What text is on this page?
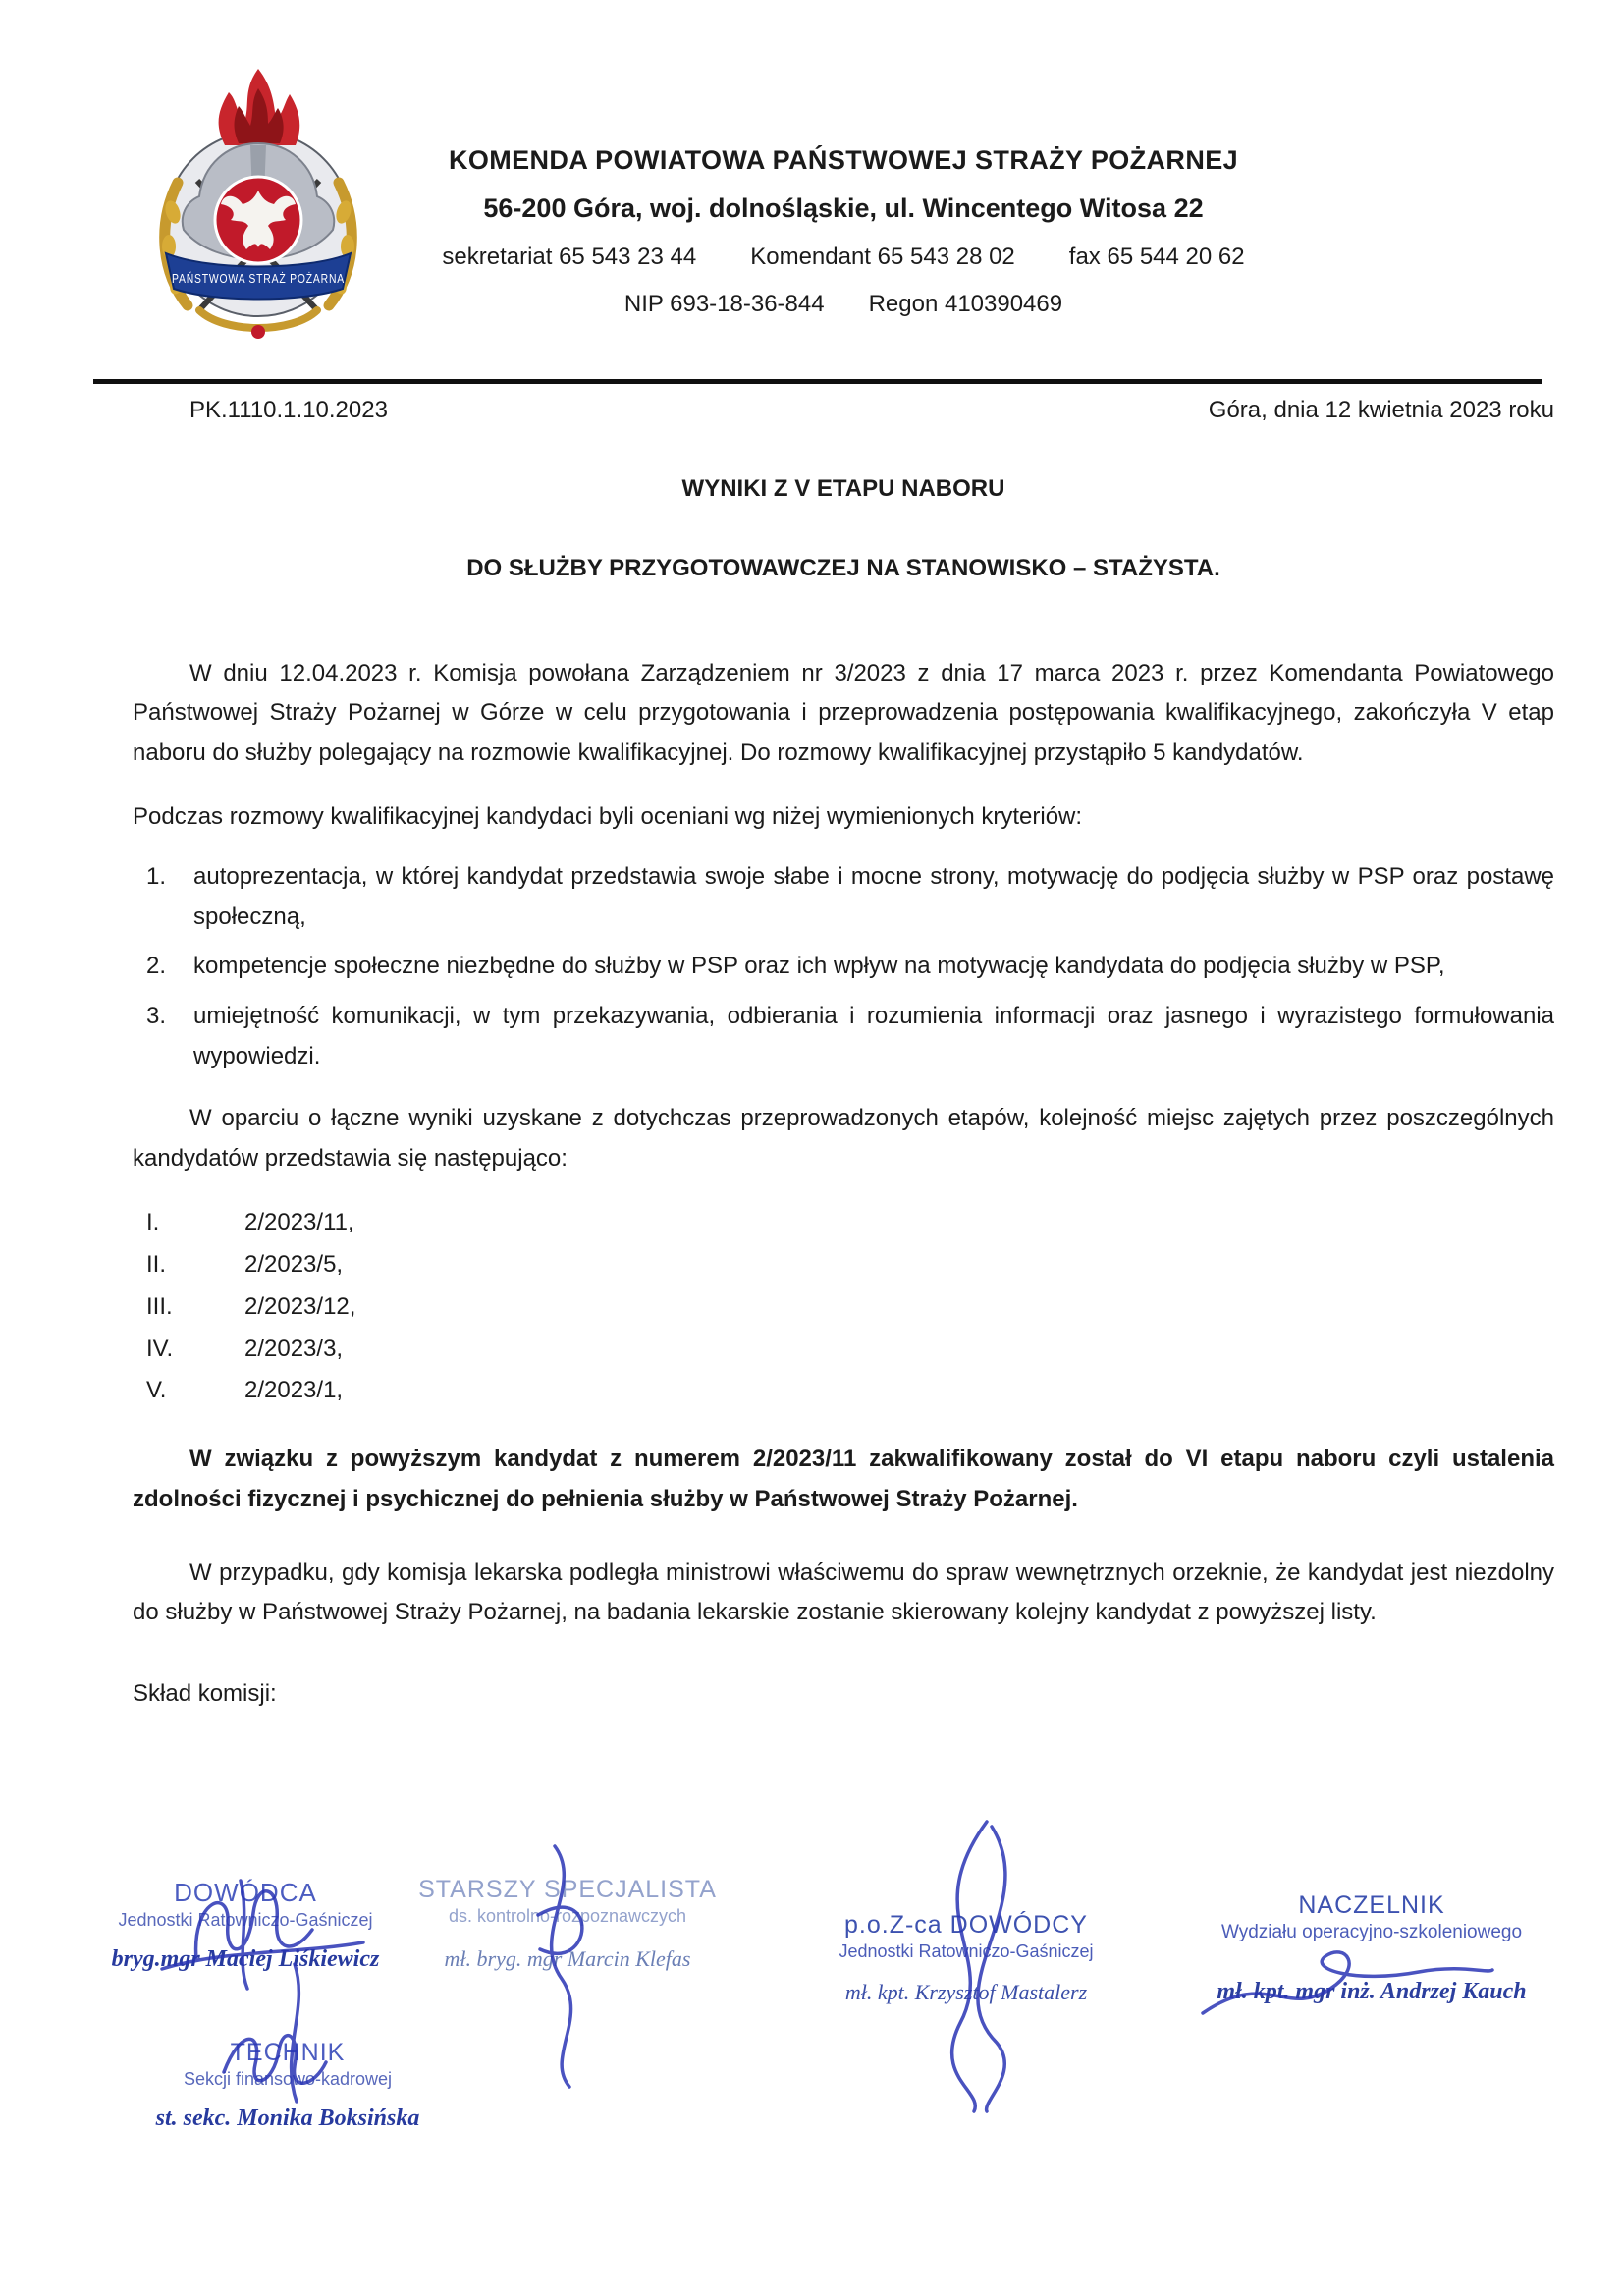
PAŃSTWOWA STRAŻ POŻARNA
KOMENDA POWIATOWA PAŃSTWOWEJ STRAŻY POŻARNEJ
56-200 Góra, woj. dolnośląskie, ul. Wincentego Witosa 22
sekretariat 65 543 23 44 Komendant 65 543 28 02 fax 65 544 20 62
NIP 693-18-36-844 Regon 410390469
PK.1110.1.10.2023	Góra, dnia 12 kwietnia 2023 roku
WYNIKI Z V ETAPU NABORU
DO SŁUŻBY PRZYGOTOWAWCZEJ NA STANOWISKO – STAŻYSTA.

W dniu 12.04.2023 r. Komisja powołana Zarządzeniem nr 3/2023 z dnia 17 marca 2023 r. przez Komendanta Powiatowego Państwowej Straży Pożarnej w Górze w celu przygotowania i przeprowadzenia postępowania kwalifikacyjnego, zakończyła V etap naboru do służby polegający na rozmowie kwalifikacyjnej. Do rozmowy kwalifikacyjnej przystąpiło 5 kandydatów.

Podczas rozmowy kwalifikacyjnej kandydaci byli oceniani wg niżej wymienionych kryteriów:

1. autoprezentacja, w której kandydat przedstawia swoje słabe i mocne strony, motywację do podjęcia służby w PSP oraz postawę społeczną,
2. kompetencje społeczne niezbędne do służby w PSP oraz ich wpływ na motywację kandydata do podjęcia służby w PSP,
3. umiejętność komunikacji, w tym przekazywania, odbierania i rozumienia informacji oraz jasnego i wyrazistego formułowania wypowiedzi.

W oparciu o łączne wyniki uzyskane z dotychczas przeprowadzonych etapów, kolejność miejsc zajętych przez poszczególnych kandydatów przedstawia się następująco:

I.	2/2023/11,
II.	2/2023/5,
III.	2/2023/12,
IV.	2/2023/3,
V.	2/2023/1,

W związku z powyższym kandydat z numerem 2/2023/11 zakwalifikowany został do VI etapu naboru czyli ustalenia zdolności fizycznej i psychicznej do pełnienia służby w Państwowej Straży Pożarnej.

W przypadku, gdy komisja lekarska podległa ministrowi właściwemu do spraw wewnętrznych orzeknie, że kandydat jest niezdolny do służby w Państwowej Straży Pożarnej, na badania lekarskie zostanie skierowany kolejny kandydat z powyższej listy.

Skład komisji:

DOWÓDCA
Jednostki Ratowniczo-Gaśniczej
bryg.mgr Maciej Liśkiewicz
STARSZY SPECJALISTA
ds. kontrolno-rozpoznawczych
mł. bryg. mgr Marcin Klefas
p.o.Z-ca DOWÓDCY
Jednostki Ratowniczo-Gaśniczej
mł. kpt. Krzysztof Mastalerz
NACZELNIK
Wydziału operacyjno-szkoleniowego
mł. kpt. mgr inż. Andrzej Kauch
TECHNIK
Sekcji finansowo-kadrowej
st. sekc. Monika Boksińska
